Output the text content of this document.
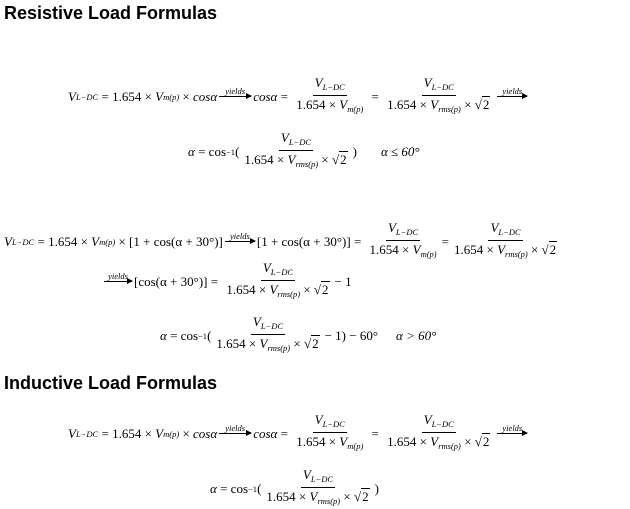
Resistive Load Formulas
V L−DC = 1.654 × V m(p) × cosα yields $\cos\alpha = \frac{V_{L-DC}}{1.654 \times V_{m(p)}} = \frac{V_{L-DC}}{1.654 \times V_{rms(p)} \times √2}$ yields
α = cos −1 ( $\frac{V_{L-DC}}{1.654 \times V_{rms(p)} \times √2}$ ) α ≤ 60°
V L−DC = 1.654 × V m(p) × [1 + cos(α + 30°)] yields $[1 + \cos(\alpha + 30^\circ)] = \frac{V_{L-DC}}{1.654 \times V_{m(p)}} = \frac{V_{L-DC}}{1.654 \times V_{rms(p)} \times √2}$
yields $[\cos(\alpha + 30^\circ)] = \frac{V_{L-DC}}{1.654 \times V_{rms(p)} \times √2} - 1$
α = cos −1 ( $\frac{V_{L-DC}}{1.654 \times V_{rms(p)} \times √2} - 1) - 60^\circ$ α > 60°
Inductive Load Formulas
V L−DC = 1.654 × V m(p) × cosα yields $\cos\alpha = \frac{V_{L-DC}}{1.654 \times V_{m(p)}} = \frac{V_{L-DC}}{1.654 \times V_{rms(p)} \times √2}$ yields
α = cos −1 ( $\frac{V_{L-DC}}{1.654 \times V_{rms(p)} \times √2}$ )
